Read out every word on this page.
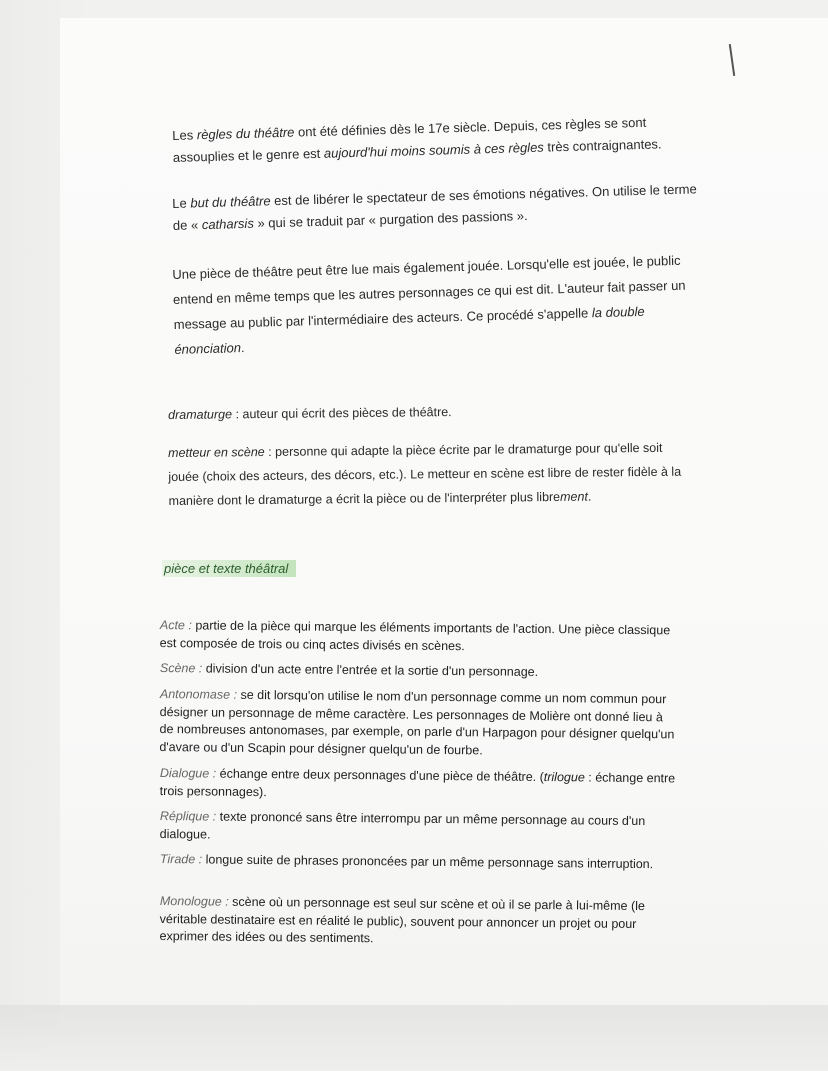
Les règles du théâtre ont été définies dès le 17e siècle. Depuis, ces règles se sont assouplies et le genre est aujourd'hui moins soumis à ces règles très contraignantes.

Le but du théâtre est de libérer le spectateur de ses émotions négatives. On utilise le terme de « catharsis » qui se traduit par « purgation des passions ».

Une pièce de théâtre peut être lue mais également jouée. Lorsqu'elle est jouée, le public entend en même temps que les autres personnages ce qui est dit. L'auteur fait passer un message au public par l'intermédiaire des acteurs. Ce procédé s'appelle la double énonciation.

dramaturge : auteur qui écrit des pièces de théâtre.

metteur en scène : personne qui adapte la pièce écrite par le dramaturge pour qu'elle soit jouée (choix des acteurs, des décors, etc.). Le metteur en scène est libre de rester fidèle à la manière dont le dramaturge a écrit la pièce ou de l'interpréter plus librement.

pièce et texte théâtral
Acte : partie de la pièce qui marque les éléments importants de l'action. Une pièce classique est composée de trois ou cinq actes divisés en scènes.
Scène : division d'un acte entre l'entrée et la sortie d'un personnage.
Antonomase : se dit lorsqu'on utilise le nom d'un personnage comme un nom commun pour désigner un personnage de même caractère. Les personnages de Molière ont donné lieu à de nombreuses antonomases, par exemple, on parle d'un Harpagon pour désigner quelqu'un d'avare ou d'un Scapin pour désigner quelqu'un de fourbe.
Dialogue : échange entre deux personnages d'une pièce de théâtre. (trilogue : échange entre trois personnages).
Réplique : texte prononcé sans être interrompu par un même personnage au cours d'un dialogue.
Tirade : longue suite de phrases prononcées par un même personnage sans interruption.
Monologue : scène où un personnage est seul sur scène et où il se parle à lui-même (le véritable destinataire est en réalité le public), souvent pour annoncer un projet ou pour exprimer des idées ou des sentiments.
